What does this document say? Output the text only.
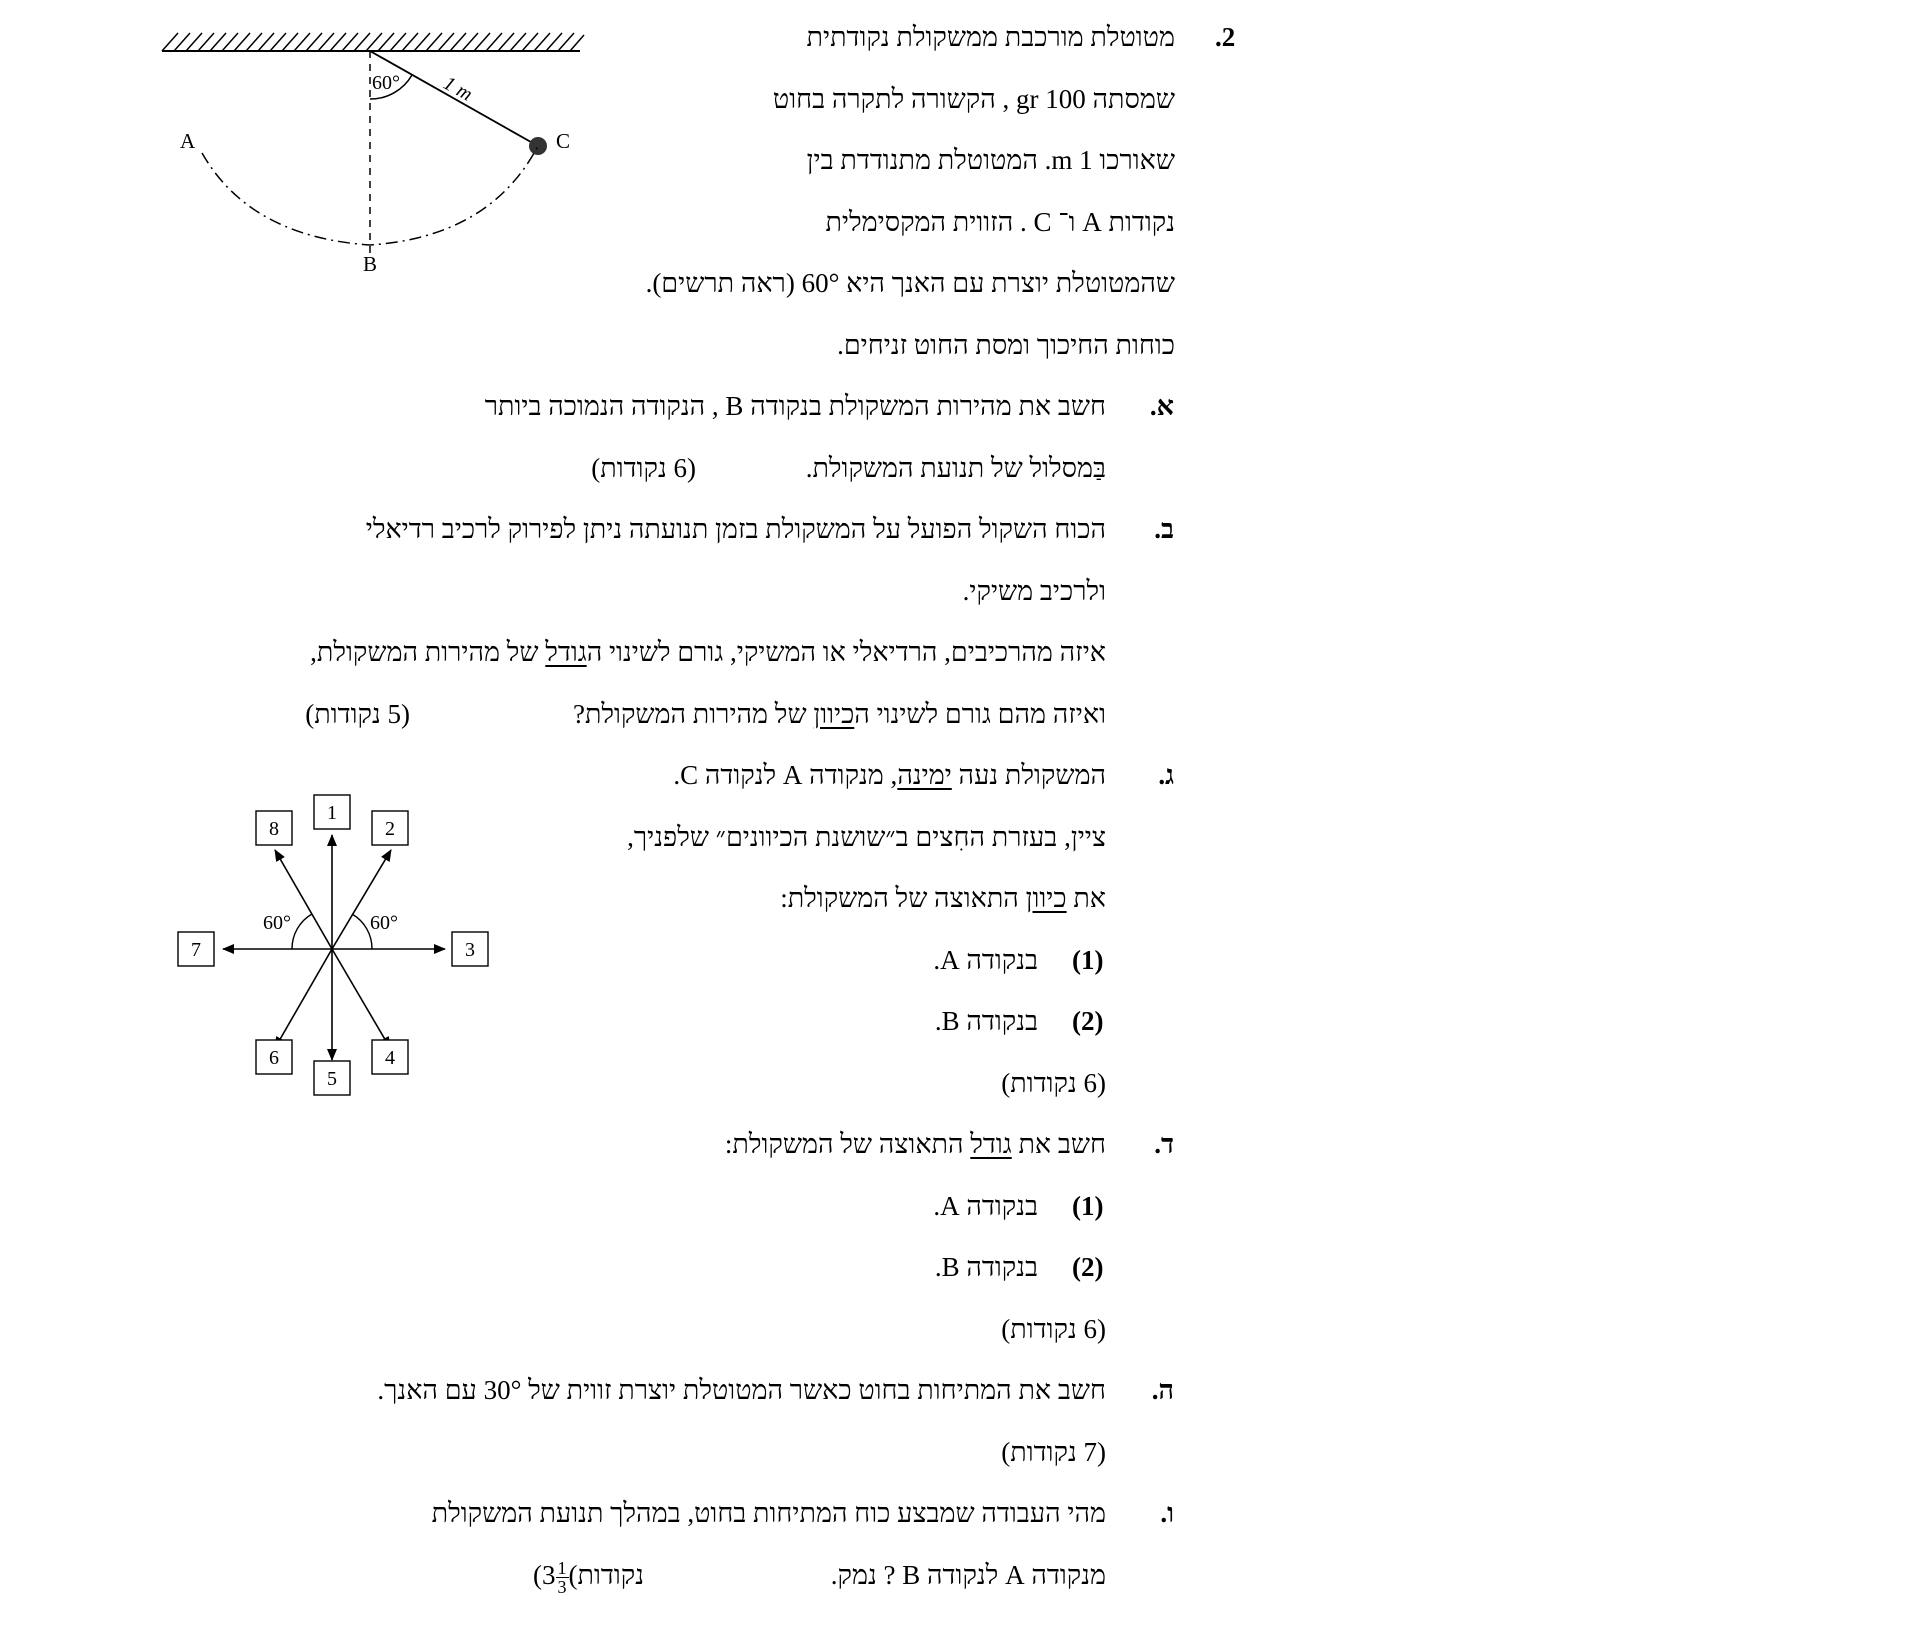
.2
מטוטלת מורכבת ממשקולת נקודתית
שמסתה 100 gr , הקשורה לתקרה בחוט
שאורכו 1 m. המטוטלת מתנודדת בין
נקודות A ו־ C . הזווית המקסימלית
שהמטוטלת יוצרת עם האנך היא 60° (ראה תרשים).
כוחות החיכוך ומסת החוט זניחים.
א.
חשב את מהירות המשקולת בנקודה B , הנקודה הנמוכה ביותר
בַּמסלול של תנועת המשקולת.
(6 נקודות)
ב.
הכוח השקול הפועל על המשקולת בזמן תנועתה ניתן לפירוק לרכיב רדיאלי
ולרכיב משיקי.
איזה מהרכיבים, הרדיאלי או המשיקי, גורם לשינוי הגודל של מהירות המשקולת,
ואיזה מהם גורם לשינוי הכיוון של מהירות המשקולת?
(5 נקודות)
ג.
המשקולת נעה ימינה, מנקודה A לנקודה C.
ציין, בעזרת החִצים ב״שושנת הכיוונים״ שלפניך,
את כיוון התאוצה של המשקולת:
(1)
בנקודה A.
(2)
בנקודה B.
(6 נקודות)
ד.
חשב את גודל התאוצה של המשקולת:
(1)
בנקודה A.
(2)
בנקודה B.
(6 נקודות)
ה.
חשב את המתיחות בחוט כאשר המטוטלת יוצרת זווית של 30° עם האנך.
(7 נקודות)
ו.
מהי העבודה שמבצע כוח המתיחות בחוט, במהלך תנועת המשקולת
מנקודה A לנקודה B ? נמק.
($3 \frac{1}{3}$ נקודות)
60° 1 m
A
B
C
60°	60°
1
2
3
4
5
6
7
8
